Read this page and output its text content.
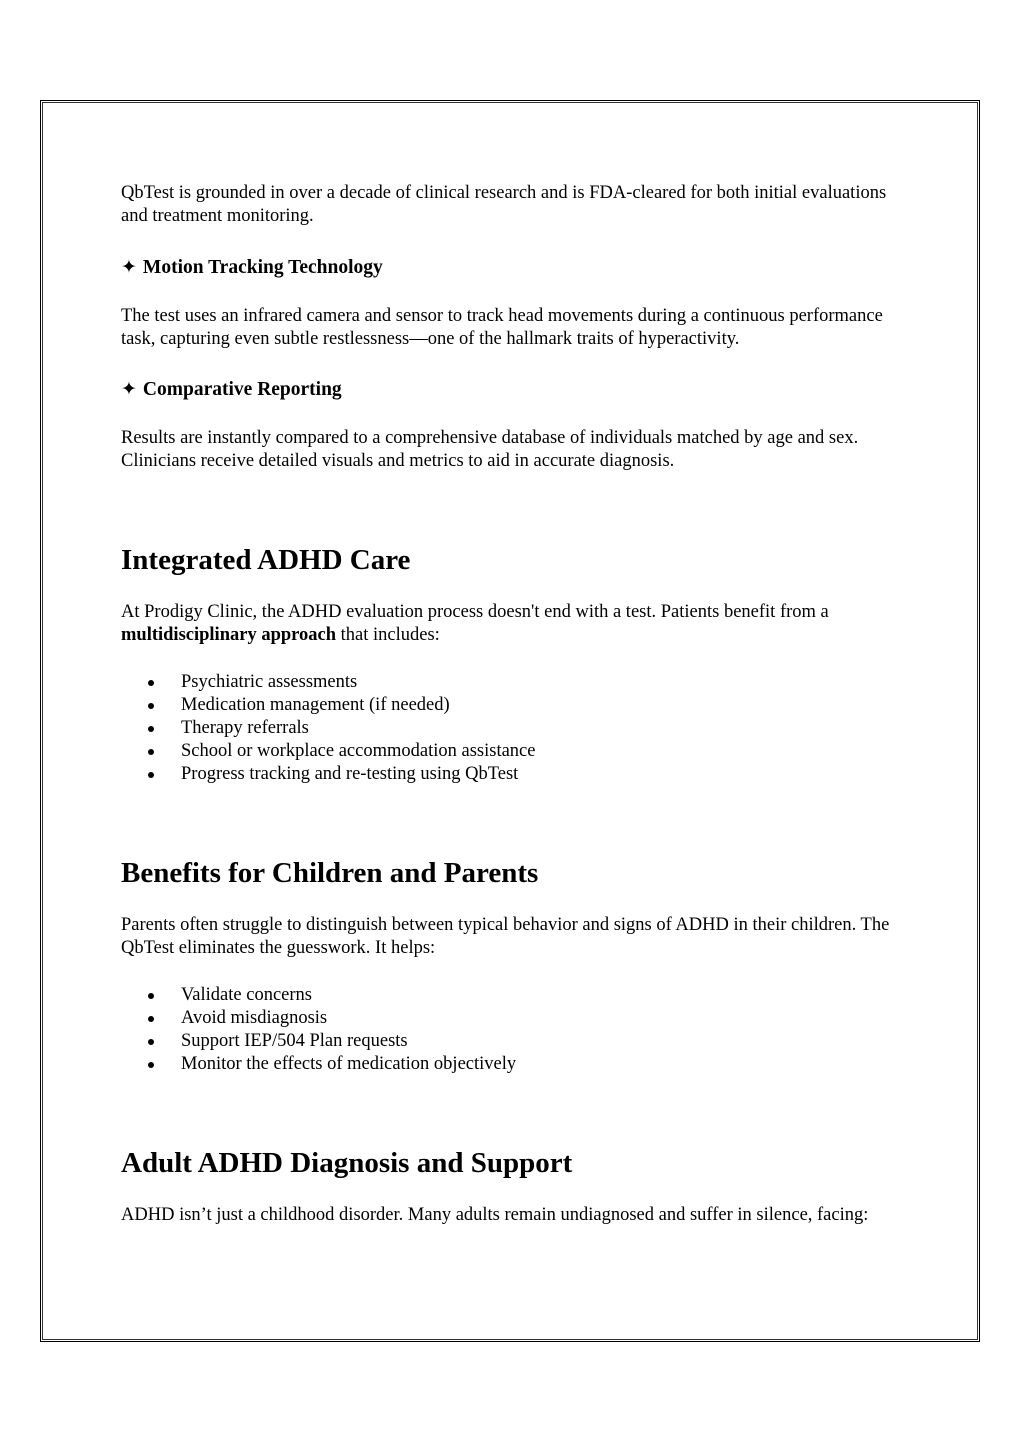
QbTest is grounded in over a decade of clinical research and is FDA-cleared for both initial evaluations and treatment monitoring.

✦ Motion Tracking Technology

The test uses an infrared camera and sensor to track head movements during a continuous performance task, capturing even subtle restlessness—one of the hallmark traits of hyperactivity.

✦ Comparative Reporting

Results are instantly compared to a comprehensive database of individuals matched by age and sex. Clinicians receive detailed visuals and metrics to aid in accurate diagnosis.

Integrated ADHD Care

At Prodigy Clinic, the ADHD evaluation process doesn't end with a test. Patients benefit from a multidisciplinary approach that includes:

Psychiatric assessments
Medication management (if needed)
Therapy referrals
School or workplace accommodation assistance
Progress tracking and re-testing using QbTest
Benefits for Children and Parents

Parents often struggle to distinguish between typical behavior and signs of ADHD in their children. The QbTest eliminates the guesswork. It helps:

Validate concerns
Avoid misdiagnosis
Support IEP/504 Plan requests
Monitor the effects of medication objectively
Adult ADHD Diagnosis and Support

ADHD isn’t just a childhood disorder. Many adults remain undiagnosed and suffer in silence, facing:
